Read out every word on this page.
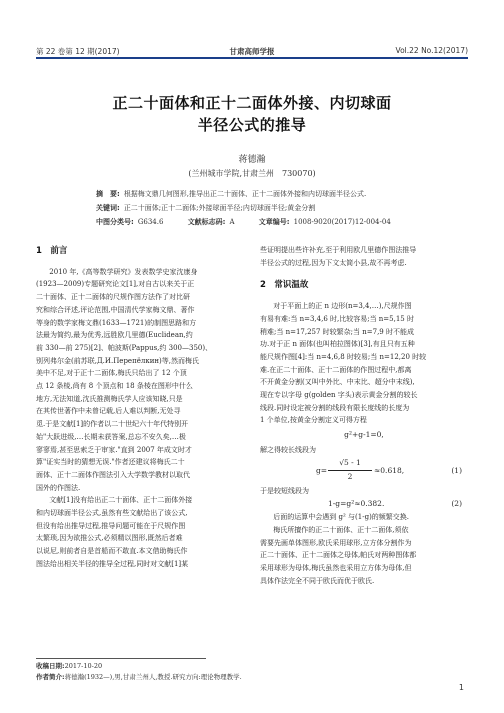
第 22 卷第 12 期(2017)	甘肃高师学报	Vol.22 No.12(2017)
正二十面体和正十二面体外接、内切球面
半径公式的推导
蒋德瀚
(兰州城市学院,甘肃兰州　730070)
摘　要: 根据梅文鼎几何图形,推导出正二十面体、正十二面体外接和内切球面半径公式.
关键词: 正二十面体;正十二面体;外接球面半径;内切球面半径;黄金分割
中图分类号: G634.6	文献标志码: A	文章编号: 1008-9020(2017)12-004-04
1　前言

2010 年,《高等数学研究》发表数学史家沈康身

(1923—2009)专题研究论文[1],对自古以来关于正

二十面体、正十二面体的尺规作图方法作了对比研

究和综合评述,评论范围,中国清代学家梅文鼎、著作

等身的数学家梅文鼎(1633—1721)的制图思路和方

法最为简约,最为优秀,远胜欧几里德(Euclidean,约

前 330—前 275)[2]、帕波斯(Pappus,约 300—350)、

别列弗尔金(前苏联,Д.И.Перепёлкин)等,然而梅氏

美中不足,对于正十二面体,梅氏只给出了 12 个顶

点 12 条棱,尚有 8 个顶点和 18 条棱在图形中什么

地方,无法知道,沈氏推测梅氏学人应该知晓,只是

在其传世著作中未曾记载,后人难以判断,无处寻

觅.于是文献[1]的作者以二十世纪六十年代特别开

始"大跃进级,…长期未获答案,总忘不安久矣,…极

寥寥焉,甚至思索乏于审家."直到 2007 年成文时才

算"证实当时的猜想无误."作者还建议将梅氏二十

面体、正十二面体作图法引入大学数学教材以取代

国外的作图法.

文献[1]没有给出正二十面体、正十二面体外接

和内切球面半径公式,虽然有些文献给出了该公式,

但没有给出推导过程,推导问题可能在于尺规作图

太繁琐,因为欲推公式,必须精以图形,既然后者难

以说尼,则前者自是首船而不敢直.本文借助梅氏作

图法给出相关半径的推导全过程,同时对文献[1]某

些证明提出些许补充,至于利用欧几里德作图法推导

半径公式的过程,因为下文太简小县,故不再考虑.

2　常识温故

对于平面上的正 n 边形(n=3,4,…),尺规作图

有易有难:当 n=3,4,6 时,比较容易;当 n=5,15 时

稍难;当 n=17,257 时较繁杂;当 n=7,9 时不能成

功.对于正 n 面体(也叫柏拉图体)[3],有且只有五种

能尺规作图[4]:当 n=4,6,8 时较易;当 n=12,20 时较

难.在正二十面体、正十二面体的作图过程中,都离

不开黄金分割(又叫中外比、中末比、超分中末线),

现在专以字母 g(golden 字头)表示黄金分割的较长

线段.同时设定被分割的线段有限长度线的长度为

1 个单位,按黄金分割定义可得方程

g²+g-1=0,

解之得较长线段为

$g= \frac{√5 - 1}{2} \approx 0.618$,	(1)

于是较短线段为

1-g=g²≈0.382.	(2)

后面的运算中会遇到 g² 与(1-g)的频繁交换.

梅氏所擅作的正二十面体、正十二面体,须依

需要先画单体图形,欧氏采用球形,立方体分割作为

正二十面体、正十二面体之母体,帕氏对两种图体都

采用球形为母体,梅氏虽然也采用立方体为母体,但

具体作法完全不同于欧氏而优于欧氏.

收稿日期:2017-10-20
作者简介:蒋德瀚(1932—),男,甘肃兰州人,教授.研究方向:理论物理教学.
1
